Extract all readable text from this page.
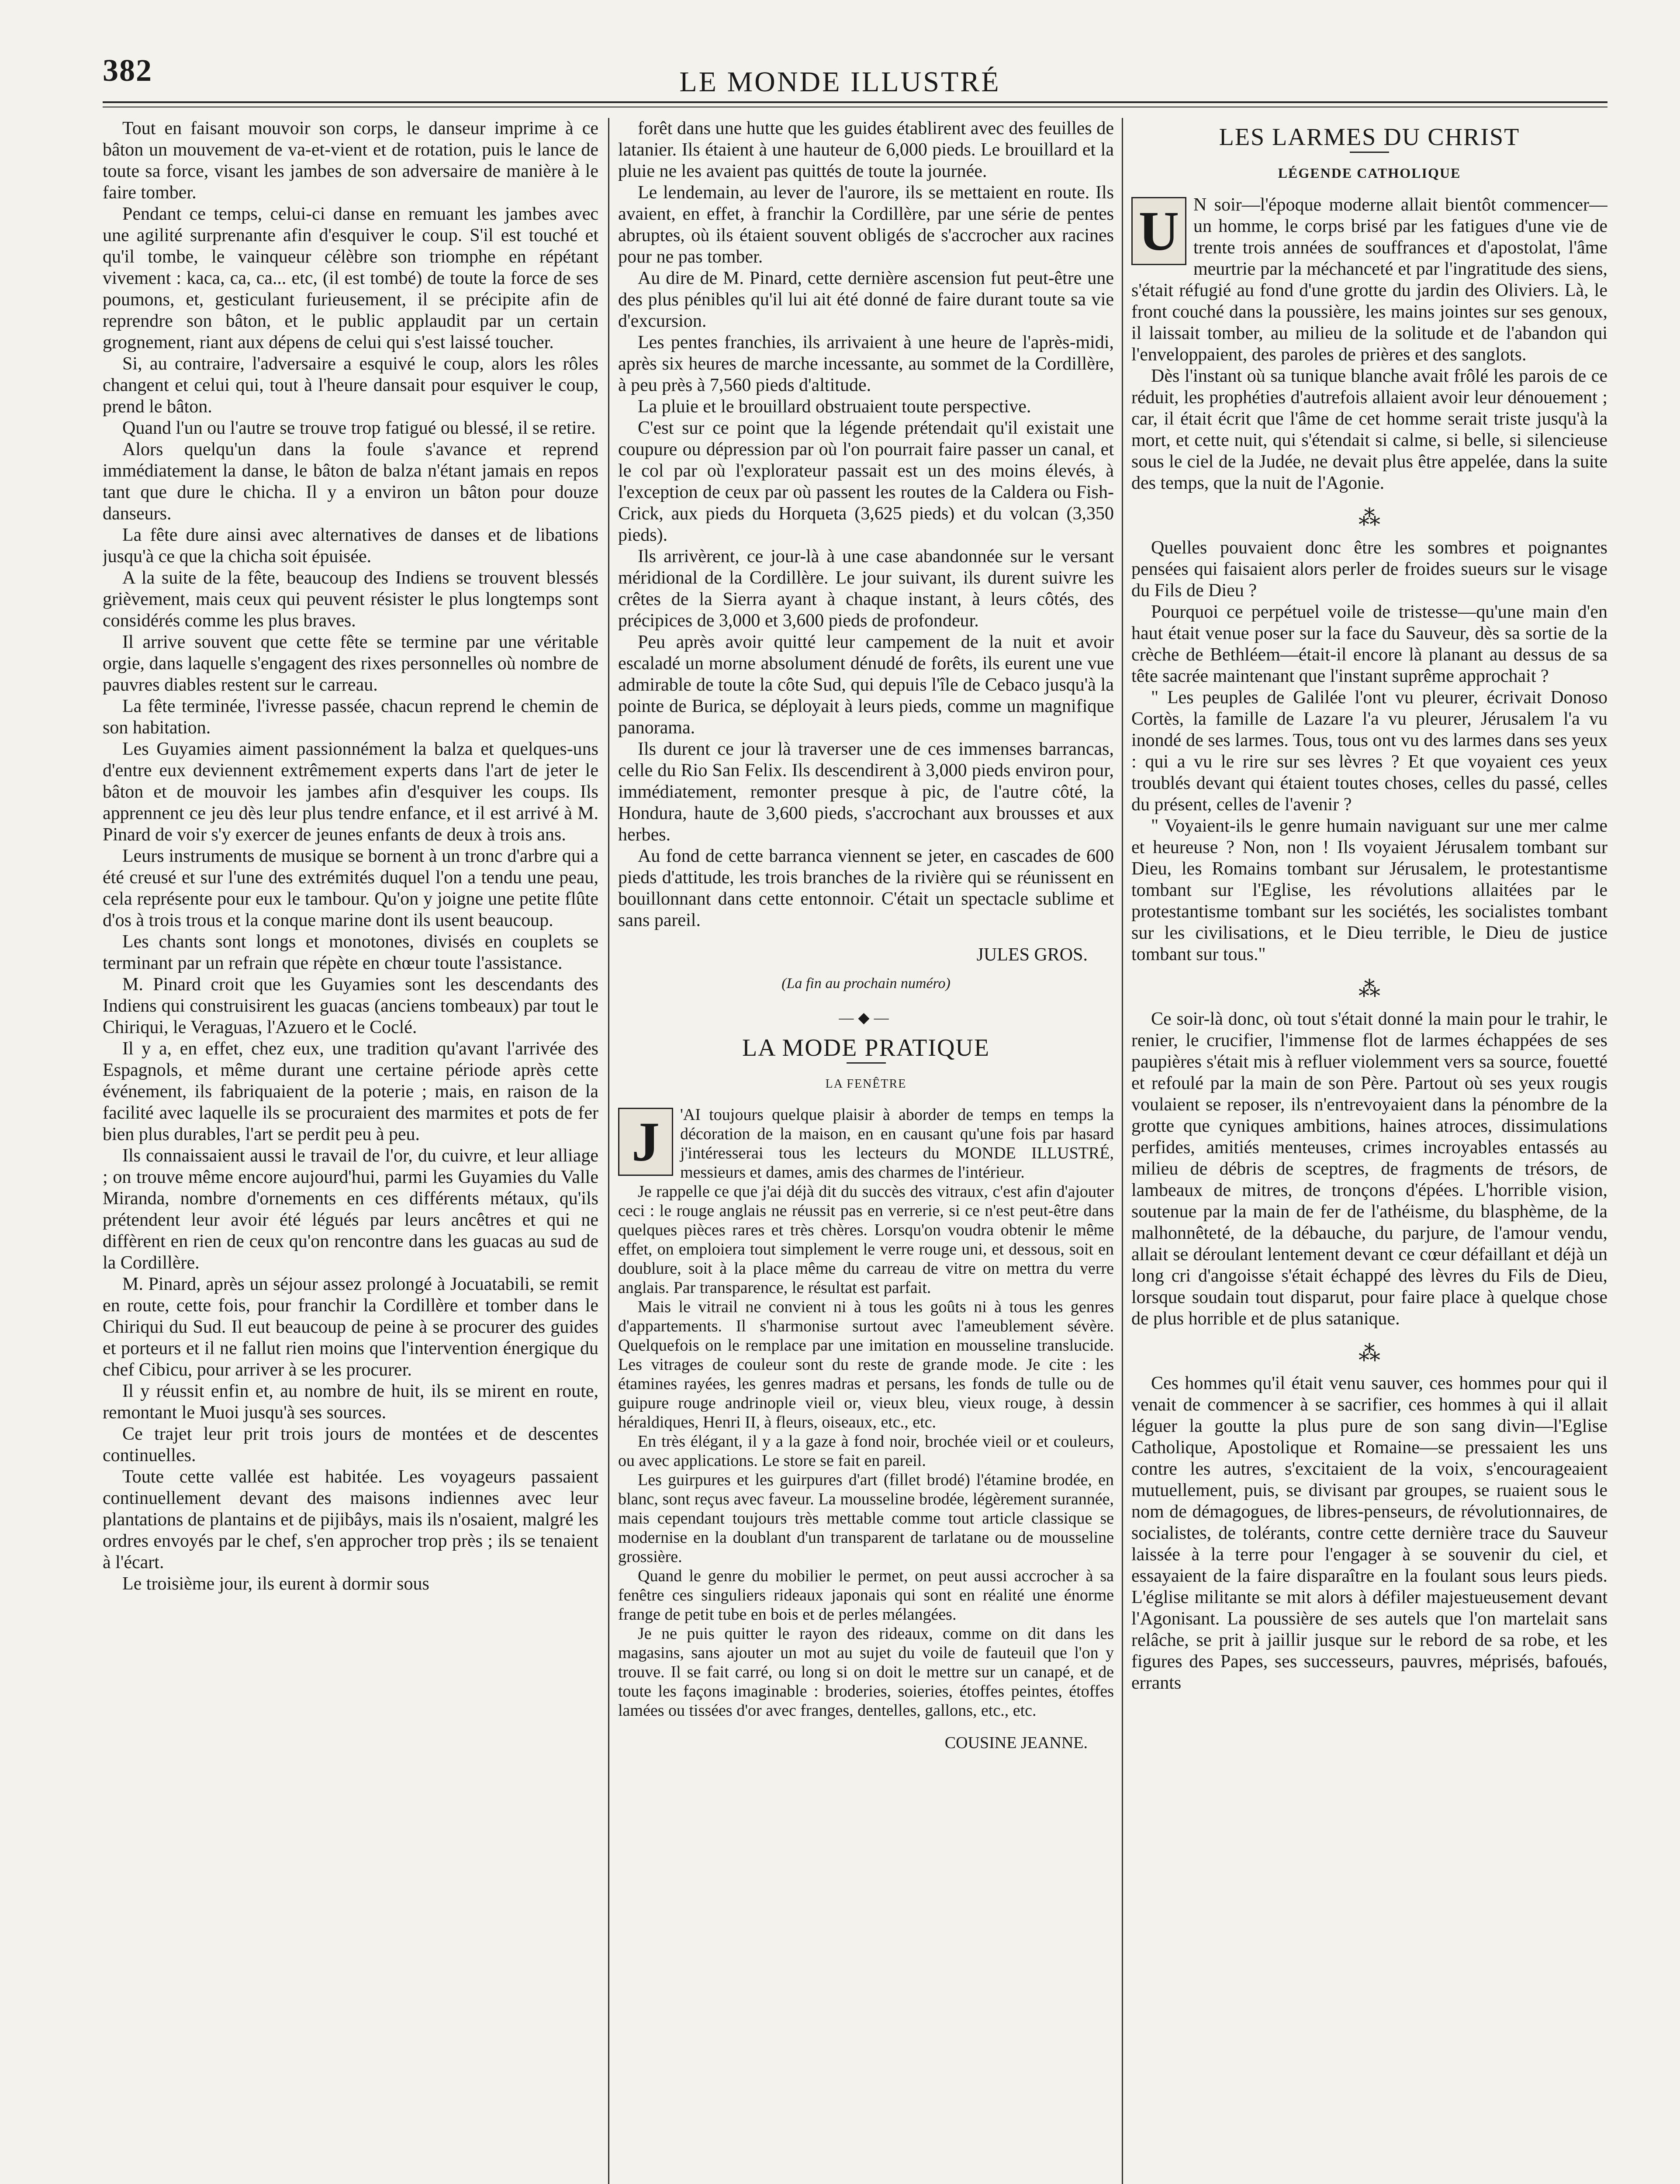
382	LE MONDE ILLUSTRÉ

Tout en faisant mouvoir son corps, le danseur imprime à ce bâton un mouvement de va-et-vient et de rotation, puis le lance de toute sa force, visant les jambes de son adversaire de manière à le faire tomber.

Pendant ce temps, celui-ci danse en remuant les jambes avec une agilité surprenante afin d'esquiver le coup. S'il est touché et qu'il tombe, le vainqueur célèbre son triomphe en répétant vivement : kaca, ca, ca... etc, (il est tombé) de toute la force de ses poumons, et, gesticulant furieusement, il se précipite afin de reprendre son bâton, et le public applaudit par un certain grognement, riant aux dépens de celui qui s'est laissé toucher.

Si, au contraire, l'adversaire a esquivé le coup, alors les rôles changent et celui qui, tout à l'heure dansait pour esquiver le coup, prend le bâton.

Quand l'un ou l'autre se trouve trop fatigué ou blessé, il se retire.

Alors quelqu'un dans la foule s'avance et reprend immédiatement la danse, le bâton de balza n'étant jamais en repos tant que dure le chicha. Il y a environ un bâton pour douze danseurs.

La fête dure ainsi avec alternatives de danses et de libations jusqu'à ce que la chicha soit épuisée.

A la suite de la fête, beaucoup des Indiens se trouvent blessés grièvement, mais ceux qui peuvent résister le plus longtemps sont considérés comme les plus braves.

Il arrive souvent que cette fête se termine par une véritable orgie, dans laquelle s'engagent des rixes personnelles où nombre de pauvres diables restent sur le carreau.

La fête terminée, l'ivresse passée, chacun reprend le chemin de son habitation.

Les Guyamies aiment passionnément la balza et quelques-uns d'entre eux deviennent extrêmement experts dans l'art de jeter le bâton et de mouvoir les jambes afin d'esquiver les coups. Ils apprennent ce jeu dès leur plus tendre enfance, et il est arrivé à M. Pinard de voir s'y exercer de jeunes enfants de deux à trois ans.

Leurs instruments de musique se bornent à un tronc d'arbre qui a été creusé et sur l'une des extrémités duquel l'on a tendu une peau, cela représente pour eux le tambour. Qu'on y joigne une petite flûte d'os à trois trous et la conque marine dont ils usent beaucoup.

Les chants sont longs et monotones, divisés en couplets se terminant par un refrain que répète en chœur toute l'assistance.

M. Pinard croit que les Guyamies sont les descendants des Indiens qui construisirent les guacas (anciens tombeaux) par tout le Chiriqui, le Veraguas, l'Azuero et le Coclé.

Il y a, en effet, chez eux, une tradition qu'avant l'arrivée des Espagnols, et même durant une certaine période après cette événement, ils fabriquaient de la poterie ; mais, en raison de la facilité avec laquelle ils se procuraient des marmites et pots de fer bien plus durables, l'art se perdit peu à peu.

Ils connaissaient aussi le travail de l'or, du cuivre, et leur alliage ; on trouve même encore aujourd'hui, parmi les Guyamies du Valle Miranda, nombre d'ornements en ces différents métaux, qu'ils prétendent leur avoir été légués par leurs ancêtres et qui ne diffèrent en rien de ceux qu'on rencontre dans les guacas au sud de la Cordillère.

M. Pinard, après un séjour assez prolongé à Jocuatabili, se remit en route, cette fois, pour franchir la Cordillère et tomber dans le Chiriqui du Sud. Il eut beaucoup de peine à se procurer des guides et porteurs et il ne fallut rien moins que l'intervention énergique du chef Cibicu, pour arriver à se les procurer.

Il y réussit enfin et, au nombre de huit, ils se mirent en route, remontant le Muoi jusqu'à ses sources.

Ce trajet leur prit trois jours de montées et de descentes continuelles.

Toute cette vallée est habitée. Les voyageurs passaient continuellement devant des maisons indiennes avec leur plantations de plantains et de pijibâys, mais ils n'osaient, malgré les ordres envoyés par le chef, s'en approcher trop près ; ils se tenaient à l'écart.

Le troisième jour, ils eurent à dormir sous

forêt dans une hutte que les guides établirent avec des feuilles de latanier. Ils étaient à une hauteur de 6,000 pieds. Le brouillard et la pluie ne les avaient pas quittés de toute la journée.

Le lendemain, au lever de l'aurore, ils se mettaient en route. Ils avaient, en effet, à franchir la Cordillère, par une série de pentes abruptes, où ils étaient souvent obligés de s'accrocher aux racines pour ne pas tomber.

Au dire de M. Pinard, cette dernière ascension fut peut-être une des plus pénibles qu'il lui ait été donné de faire durant toute sa vie d'excursion.

Les pentes franchies, ils arrivaient à une heure de l'après-midi, après six heures de marche incessante, au sommet de la Cordillère, à peu près à 7,560 pieds d'altitude.

La pluie et le brouillard obstruaient toute perspective.

C'est sur ce point que la légende prétendait qu'il existait une coupure ou dépression par où l'on pourrait faire passer un canal, et le col par où l'explorateur passait est un des moins élevés, à l'exception de ceux par où passent les routes de la Caldera ou Fish-Crick, aux pieds du Horqueta (3,625 pieds) et du volcan (3,350 pieds).

Ils arrivèrent, ce jour-là à une case abandonnée sur le versant méridional de la Cordillère. Le jour suivant, ils durent suivre les crêtes de la Sierra ayant à chaque instant, à leurs côtés, des précipices de 3,000 et 3,600 pieds de profondeur.

Peu après avoir quitté leur campement de la nuit et avoir escaladé un morne absolument dénudé de forêts, ils eurent une vue admirable de toute la côte Sud, qui depuis l'île de Cebaco jusqu'à la pointe de Burica, se déployait à leurs pieds, comme un magnifique panorama.

Ils durent ce jour là traverser une de ces immenses barrancas, celle du Rio San Felix. Ils descendirent à 3,000 pieds environ pour, immédiatement, remonter presque à pic, de l'autre côté, la Hondura, haute de 3,600 pieds, s'accrochant aux brousses et aux herbes.

Au fond de cette barranca viennent se jeter, en cascades de 600 pieds d'attitude, les trois branches de la rivière qui se réunissent en bouillonnant dans cette entonnoir. C'était un spectacle sublime et sans pareil.

JULES GROS.
(La fin au prochain numéro)
—◆—
LA MODE PRATIQUE
LA FENÊTRE
J	'AI toujours quelque plaisir à aborder de temps en temps la décoration de la maison, en en causant qu'une fois par hasard j'intéresserai tous les lecteurs du MONDE ILLUSTRÉ, messieurs et dames, amis des charmes de l'intérieur.

Je rappelle ce que j'ai déjà dit du succès des vitraux, c'est afin d'ajouter ceci : le rouge anglais ne réussit pas en verrerie, si ce n'est peut-être dans quelques pièces rares et très chères. Lorsqu'on voudra obtenir le même effet, on emploiera tout simplement le verre rouge uni, et dessous, soit en doublure, soit à la place même du carreau de vitre on mettra du verre anglais. Par transparence, le résultat est parfait.

Mais le vitrail ne convient ni à tous les goûts ni à tous les genres d'appartements. Il s'harmonise surtout avec l'ameublement sévère. Quelquefois on le remplace par une imitation en mousseline translucide. Les vitrages de couleur sont du reste de grande mode. Je cite : les étamines rayées, les genres madras et persans, les fonds de tulle ou de guipure rouge andrinople vieil or, vieux bleu, vieux rouge, à dessin héraldiques, Henri II, à fleurs, oiseaux, etc., etc.

En très élégant, il y a la gaze à fond noir, brochée vieil or et couleurs, ou avec applications. Le store se fait en pareil.

Les guirpures et les guirpures d'art (fillet brodé) l'étamine brodée, en blanc, sont reçus avec faveur. La mousseline brodée, légèrement surannée, mais cependant toujours très mettable comme tout article classique se modernise en la doublant d'un transparent de tarlatane ou de mousseline grossière.

Quand le genre du mobilier le permet, on peut aussi accrocher à sa fenêtre ces singuliers rideaux japonais qui sont en réalité une énorme frange de petit tube en bois et de perles mélangées.

Je ne puis quitter le rayon des rideaux, comme on dit dans les magasins, sans ajouter un mot au sujet du voile de fauteuil que l'on y trouve. Il se fait carré, ou long si on doit le mettre sur un canapé, et de toute les façons imaginable : broderies, soieries, étoffes peintes, étoffes lamées ou tissées d'or avec franges, dentelles, gallons, etc., etc.

COUSINE JEANNE.
LES LARMES DU CHRIST
LÉGENDE CATHOLIQUE
U N soir—l'époque moderne allait bientôt commencer—un homme, le corps brisé par les fatigues d'une vie de trente trois années de souffrances et d'apostolat, l'âme meurtrie par la méchanceté et par l'ingratitude des siens, s'était réfugié au fond d'une grotte du jardin des Oliviers. Là, le front couché dans la poussière, les mains jointes sur ses genoux, il laissait tomber, au milieu de la solitude et de l'abandon qui l'enveloppaient, des paroles de prières et des sanglots.

Dès l'instant où sa tunique blanche avait frôlé les parois de ce réduit, les prophéties d'autrefois allaient avoir leur dénouement ; car, il était écrit que l'âme de cet homme serait triste jusqu'à la mort, et cette nuit, qui s'étendait si calme, si belle, si silencieuse sous le ciel de la Judée, ne devait plus être appelée, dans la suite des temps, que la nuit de l'Agonie.

⁂

Quelles pouvaient donc être les sombres et poignantes pensées qui faisaient alors perler de froides sueurs sur le visage du Fils de Dieu ?

Pourquoi ce perpétuel voile de tristesse—qu'une main d'en haut était venue poser sur la face du Sauveur, dès sa sortie de la crèche de Bethléem—était-il encore là planant au dessus de sa tête sacrée maintenant que l'instant suprême approchait ?

" Les peuples de Galilée l'ont vu pleurer, écrivait Donoso Cortès, la famille de Lazare l'a vu pleurer, Jérusalem l'a vu inondé de ses larmes. Tous, tous ont vu des larmes dans ses yeux : qui a vu le rire sur ses lèvres ? Et que voyaient ces yeux troublés devant qui étaient toutes choses, celles du passé, celles du présent, celles de l'avenir ?

" Voyaient-ils le genre humain naviguant sur une mer calme et heureuse ? Non, non ! Ils voyaient Jérusalem tombant sur Dieu, les Romains tombant sur Jérusalem, le protestantisme tombant sur l'Eglise, les révolutions allaitées par le protestantisme tombant sur les sociétés, les socialistes tombant sur les civilisations, et le Dieu terrible, le Dieu de justice tombant sur tous."

⁂

Ce soir-là donc, où tout s'était donné la main pour le trahir, le renier, le crucifier, l'immense flot de larmes échappées de ses paupières s'était mis à refluer violemment vers sa source, fouetté et refoulé par la main de son Père. Partout où ses yeux rougis voulaient se reposer, ils n'entrevoyaient dans la pénombre de la grotte que cyniques ambitions, haines atroces, dissimulations perfides, amitiés menteuses, crimes incroyables entassés au milieu de débris de sceptres, de fragments de trésors, de lambeaux de mitres, de tronçons d'épées. L'horrible vision, soutenue par la main de fer de l'athéisme, du blasphème, de la malhonnêteté, de la débauche, du parjure, de l'amour vendu, allait se déroulant lentement devant ce cœur défaillant et déjà un long cri d'angoisse s'était échappé des lèvres du Fils de Dieu, lorsque soudain tout disparut, pour faire place à quelque chose de plus horrible et de plus satanique.

⁂

Ces hommes qu'il était venu sauver, ces hommes pour qui il venait de commencer à se sacrifier, ces hommes à qui il allait léguer la goutte la plus pure de son sang divin—l'Eglise Catholique, Apostolique et Romaine—se pressaient les uns contre les autres, s'excitaient de la voix, s'encourageaient mutuellement, puis, se divisant par groupes, se ruaient sous le nom de démagogues, de libres-penseurs, de révolutionnaires, de socialistes, de tolérants, contre cette dernière trace du Sauveur laissée à la terre pour l'engager à se souvenir du ciel, et essayaient de la faire disparaître en la foulant sous leurs pieds. L'église militante se mit alors à défiler majestueusement devant l'Agonisant. La poussière de ses autels que l'on martelait sans relâche, se prit à jaillir jusque sur le rebord de sa robe, et les figures des Papes, ses successeurs, pauvres, méprisés, bafoués, errants
